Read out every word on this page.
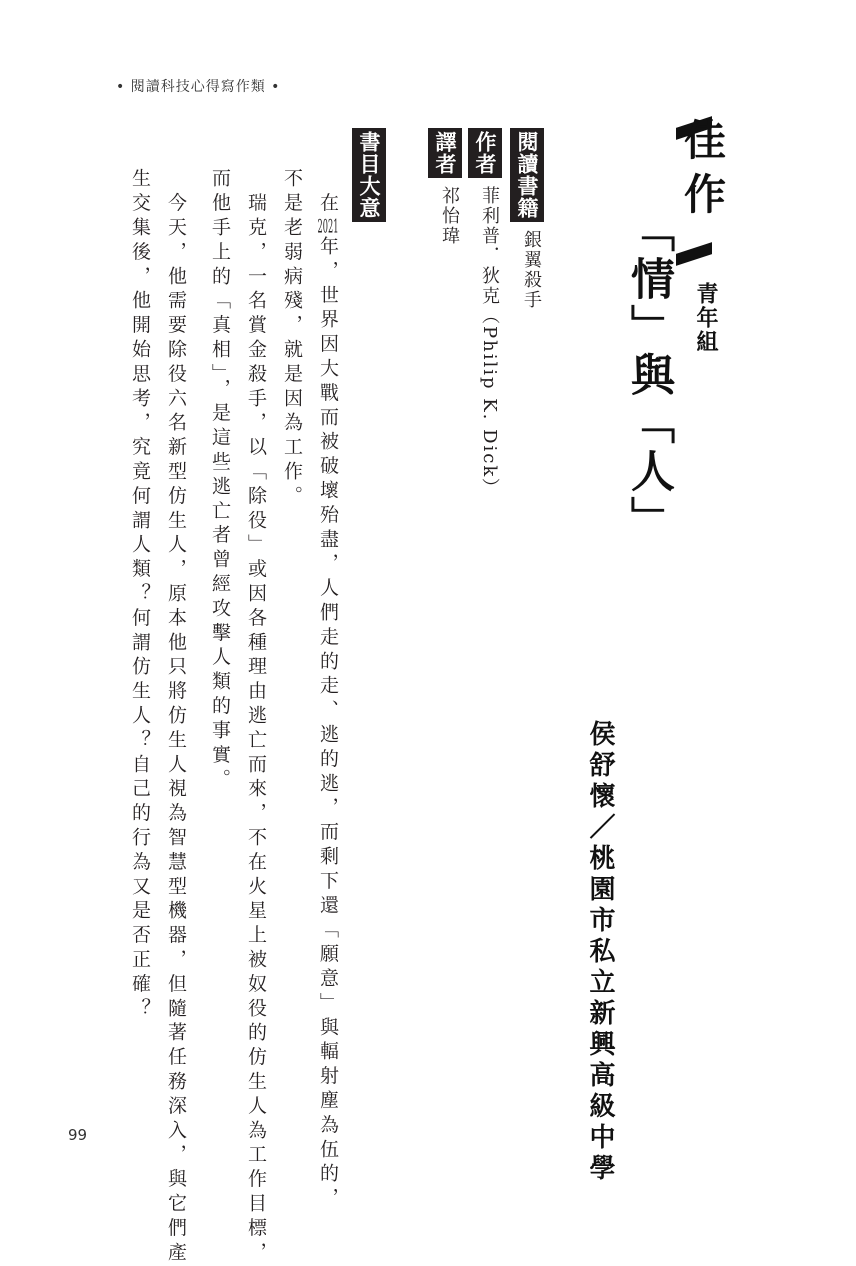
• 閱讀科技心得寫作類 •
佳作
青年組
「情」與「人」
侯舒懷／桃園市私立新興高級中學
閱讀書籍
銀翼殺手
作者
菲利普．狄克（Philip K. Dick）
譯者
祁怡瑋
書目大意
　在2021年，世界因大戰而被破壞殆盡，人們走的走、逃的逃，而剩下還「願意」與輻射塵為伍的，
不是老弱病殘，就是因為工作。
　瑞克，一名賞金殺手，以「除役」或因各種理由逃亡而來，不在火星上被奴役的仿生人為工作目標，
而他手上的「真相」，是這些逃亡者曾經攻擊人類的事實。
　今天，他需要除役六名新型仿生人，原本他只將仿生人視為智慧型機器，但隨著任務深入，與它們產
生交集後，他開始思考，究竟何謂人類？何謂仿生人？自己的行為又是否正確？
99
